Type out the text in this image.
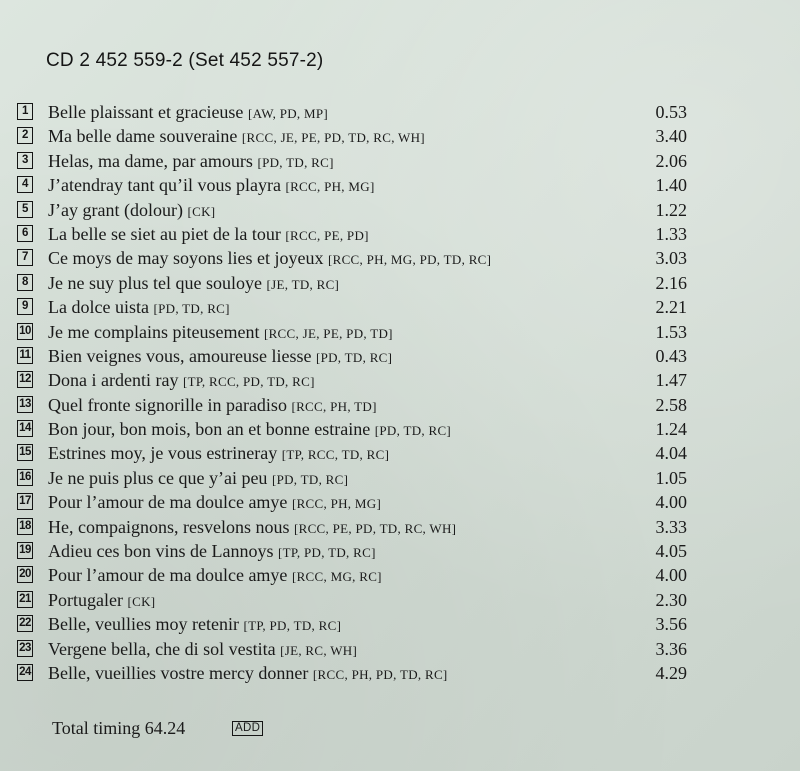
CD 2 452 559-2 (Set 452 557-2)
1 Belle plaissant et gracieuse [AW, PD, MP]	0.53
2 Ma belle dame souveraine [RCC, JE, PE, PD, TD, RC, WH]	3.40
3 Helas, ma dame, par amours [PD, TD, RC]	2.06
4 J’atendray tant qu’il vous playra [RCC, PH, MG]	1.40
5 J’ay grant (dolour) [CK]	1.22
6 La belle se siet au piet de la tour [RCC, PE, PD]	1.33
7 Ce moys de may soyons lies et joyeux [RCC, PH, MG, PD, TD, RC]	3.03
8 Je ne suy plus tel que souloye [JE, TD, RC]	2.16
9 La dolce uista [PD, TD, RC]	2.21
10 Je me complains piteusement [RCC, JE, PE, PD, TD]	1.53
11 Bien veignes vous, amoureuse liesse [PD, TD, RC]	0.43
12 Dona i ardenti ray [TP, RCC, PD, TD, RC]	1.47
13 Quel fronte signorille in paradiso [RCC, PH, TD]	2.58
14 Bon jour, bon mois, bon an et bonne estraine [PD, TD, RC]	1.24
15 Estrines moy, je vous estrineray [TP, RCC, TD, RC]	4.04
16 Je ne puis plus ce que y’ai peu [PD, TD, RC]	1.05
17 Pour l’amour de ma doulce amye [RCC, PH, MG]	4.00
18 He, compaignons, resvelons nous [RCC, PE, PD, TD, RC, WH]	3.33
19 Adieu ces bon vins de Lannoys [TP, PD, TD, RC]	4.05
20 Pour l’amour de ma doulce amye [RCC, MG, RC]	4.00
21 Portugaler [CK]	2.30
22 Belle, veullies moy retenir [TP, PD, TD, RC]	3.56
23 Vergene bella, che di sol vestita [JE, RC, WH]	3.36
24 Belle, vueillies vostre mercy donner [RCC, PH, PD, TD, RC]	4.29
Total timing 64.24	ADD
